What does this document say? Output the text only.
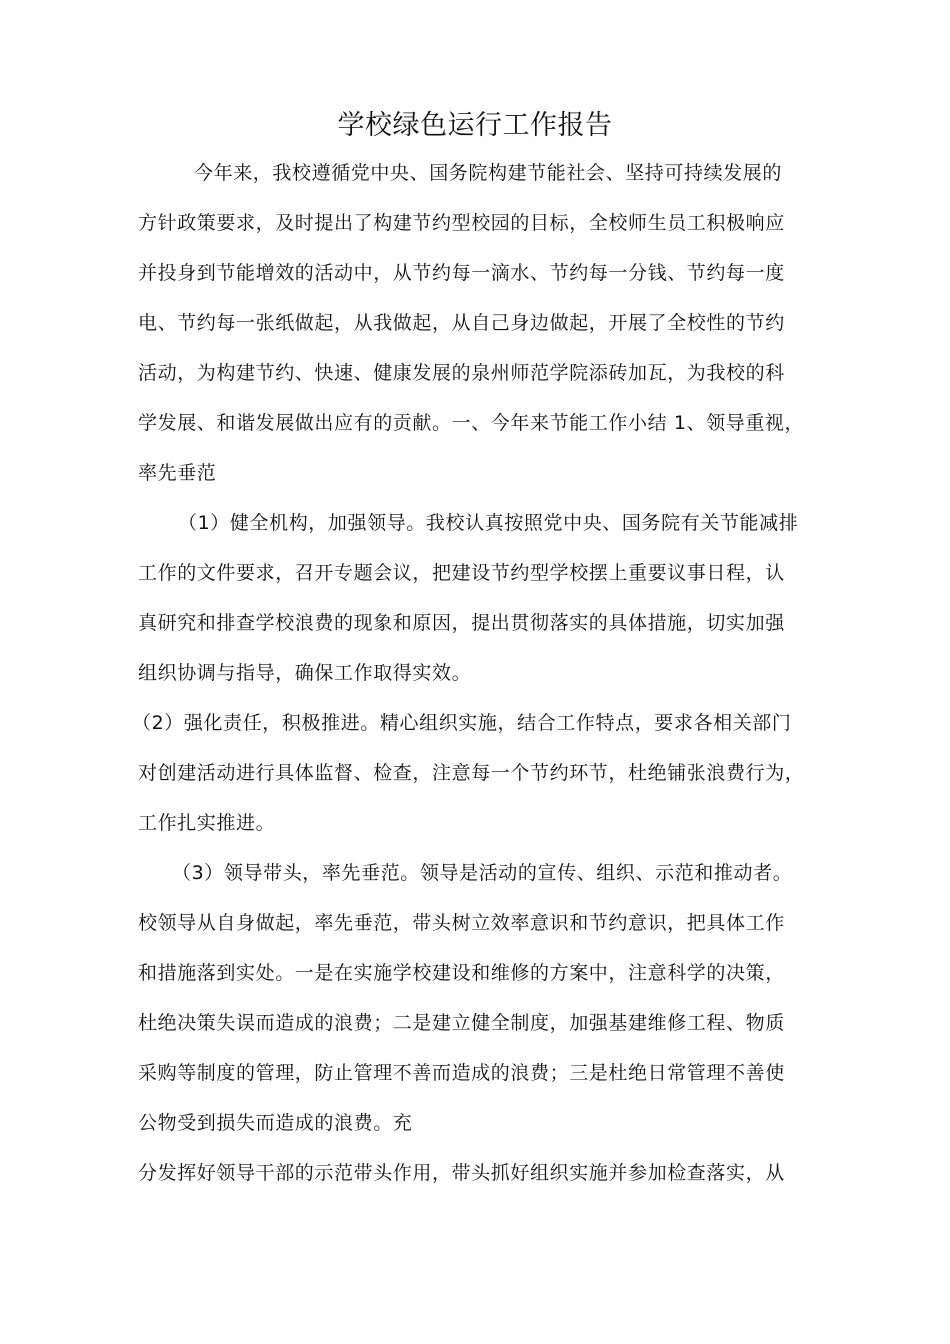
学校绿色运行工作报告
今年来，我校遵循党中央、国务院构建节能社会、坚持可持续发展的
方针政策要求，及时提出了构建节约型校园的目标，全校师生员工积极响应
并投身到节能增效的活动中，从节约每一滴水、节约每一分钱、节约每一度
电、节约每一张纸做起，从我做起，从自己身边做起，开展了全校性的节约
活动，为构建节约、快速、健康发展的泉州师范学院添砖加瓦，为我校的科
学发展、和谐发展做出应有的贡献。一、今年来节能工作小结 1、领导重视，
率先垂范
（1）健全机构，加强领导。我校认真按照党中央、国务院有关节能减排
工作的文件要求，召开专题会议，把建设节约型学校摆上重要议事日程，认
真研究和排查学校浪费的现象和原因，提出贯彻落实的具体措施，切实加强
组织协调与指导，确保工作取得实效。
（2）强化责任，积极推进。精心组织实施，结合工作特点，要求各相关部门
对创建活动进行具体监督、检查，注意每一个节约环节，杜绝铺张浪费行为，
工作扎实推进。
（3）领导带头，率先垂范。领导是活动的宣传、组织、示范和推动者。
校领导从自身做起，率先垂范，带头树立效率意识和节约意识，把具体工作
和措施落到实处。一是在实施学校建设和维修的方案中，注意科学的决策，
杜绝决策失误而造成的浪费；二是建立健全制度，加强基建维修工程、物质
采购等制度的管理，防止管理不善而造成的浪费；三是杜绝日常管理不善使
公物受到损失而造成的浪费。充
分发挥好领导干部的示范带头作用，带头抓好组织实施并参加检查落实，从
